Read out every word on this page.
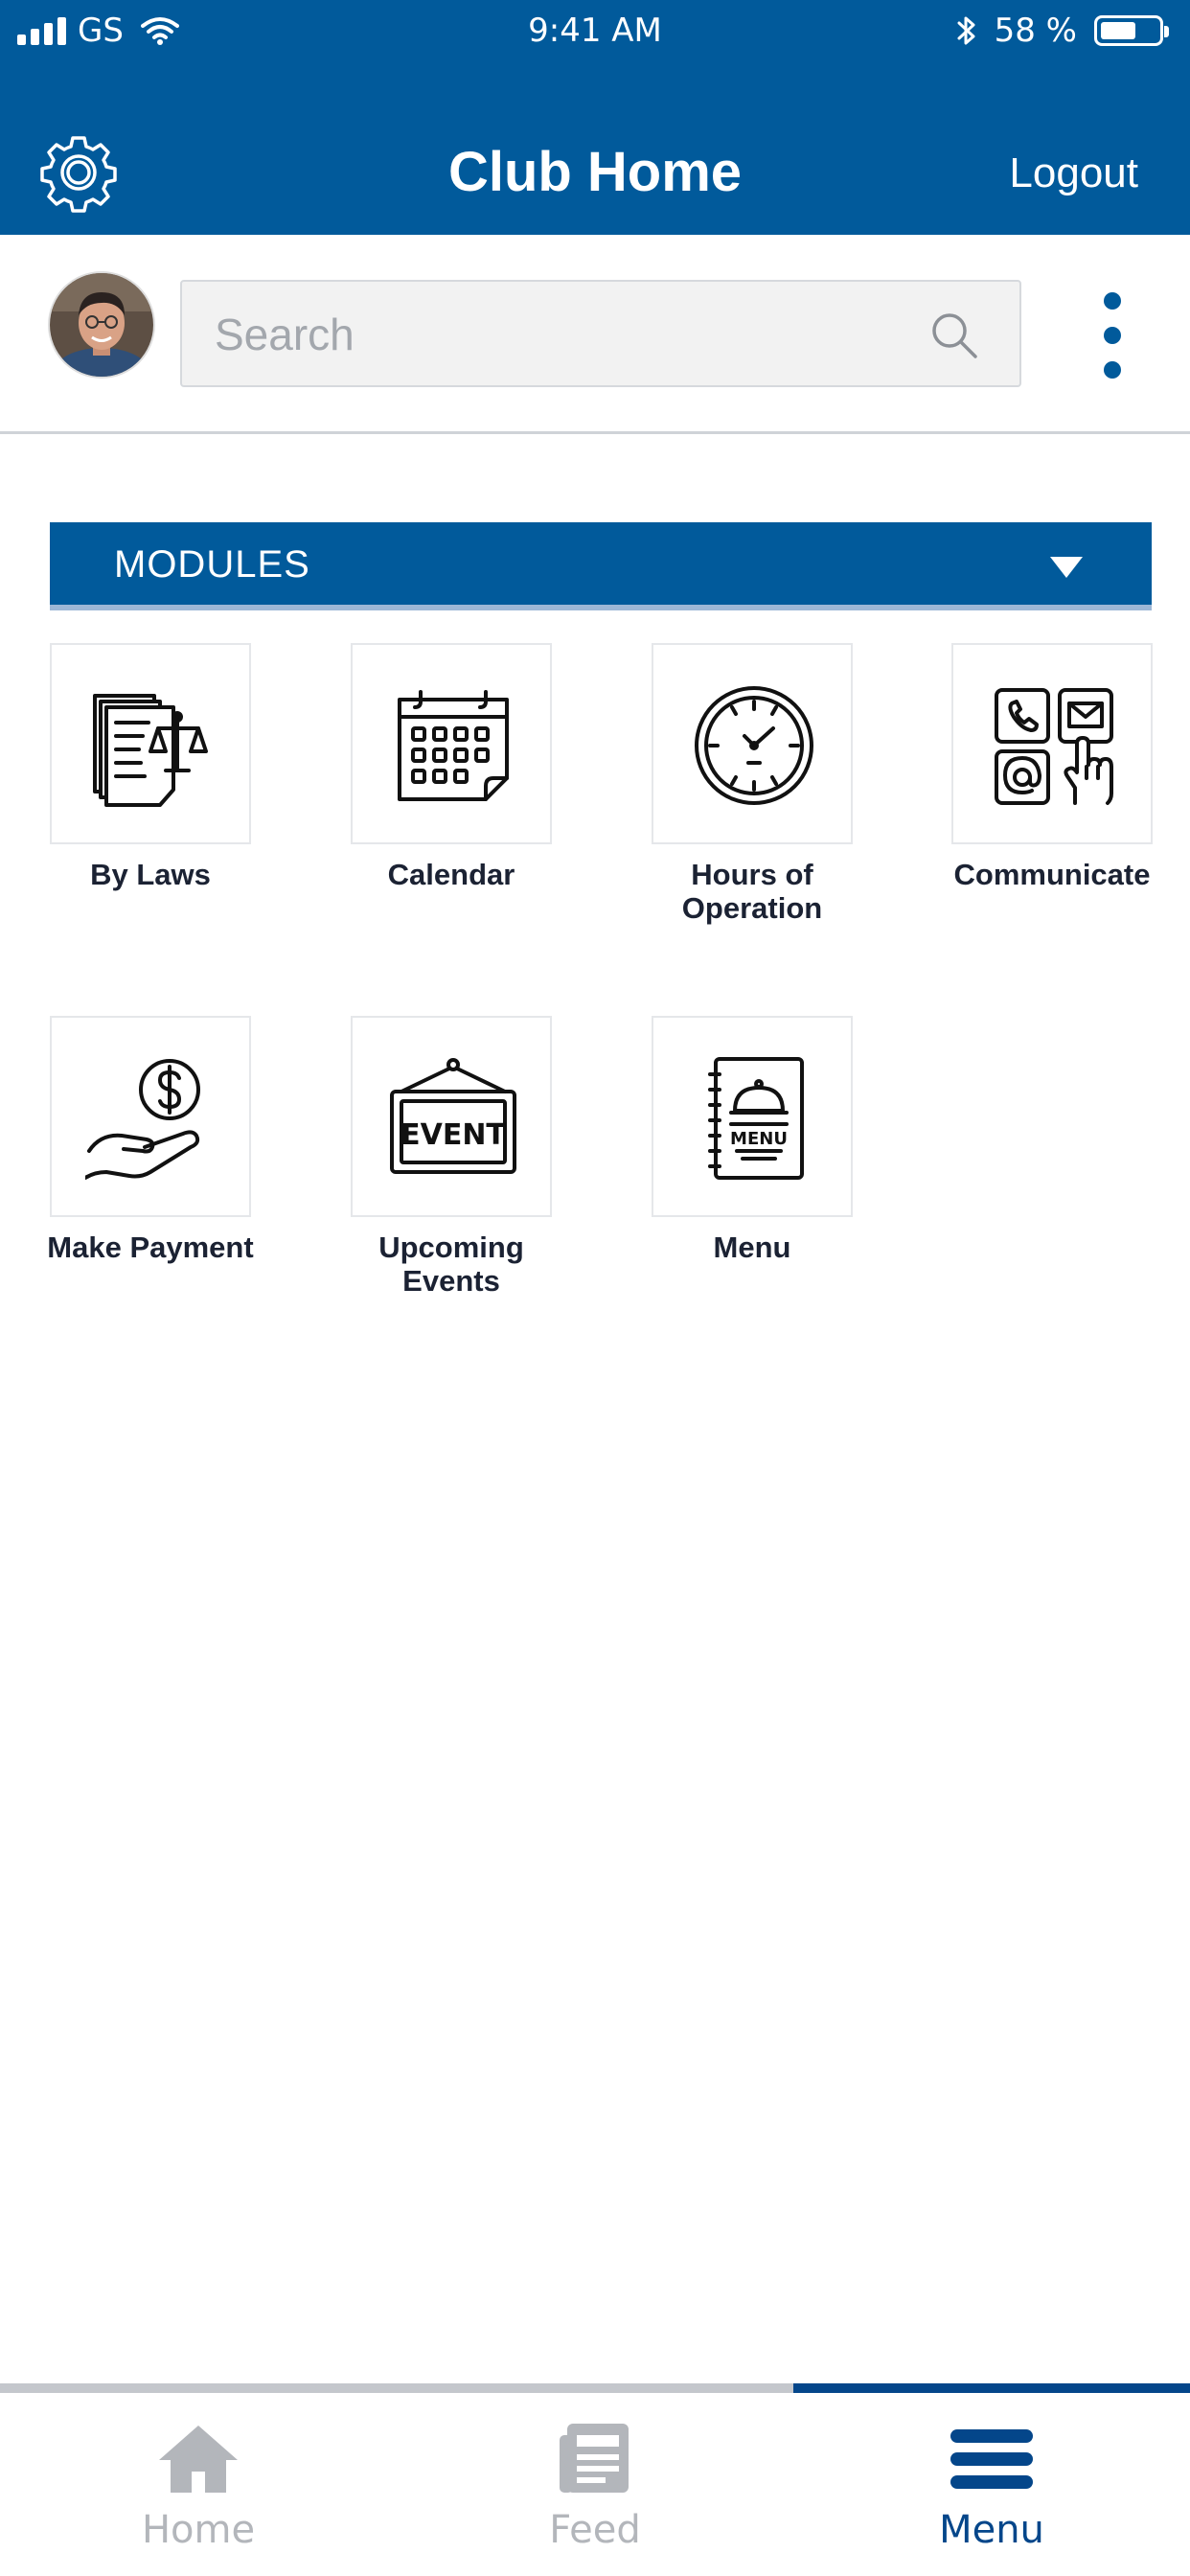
GS	9:41 AM	58 %
Club Home	Logout
Search
MODULES
By Laws	Calendar	Hours of
Operation
Communicate
Make Payment
EVENT
Upcoming
Events
MENU
Menu
Home	Feed	Menu
